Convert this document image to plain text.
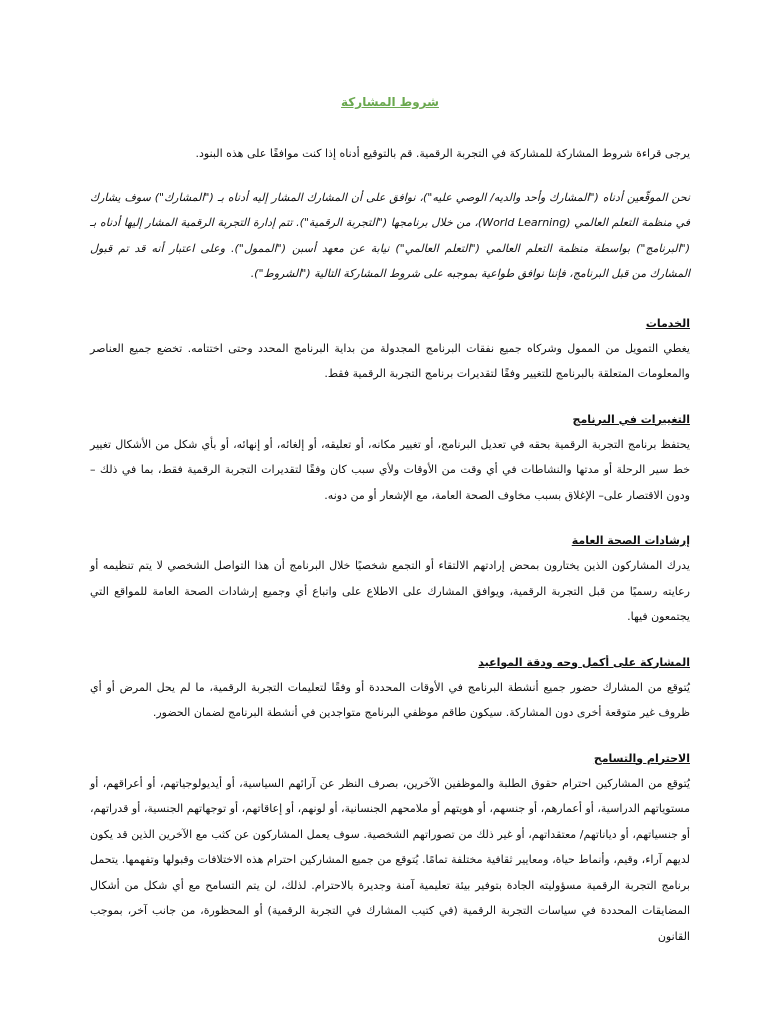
شروط المشاركة

يرجى قراءة شروط المشاركة للمشاركة في التجربة الرقمية. قم بالتوقيع أدناه إذا كنت موافقًا على هذه البنود.

نحن الموقّعين أدناه ("المشارك وأحد والديه/ الوصي عليه")، نوافق على أن المشارك المشار إليه أدناه بـ ("المشارك") سوف يشارك في منظمة التعلم العالمي (World Learning)، من خلال برنامجها ("التجربة الرقمية"). تتم إدارة التجربة الرقمية المشار إليها أدناه بـ ("البرنامج") بواسطة منظمة التعلم العالمي ("التعلم العالمي") نيابة عن معهد أسبن ("الممول"). وعلى اعتبار أنه قد تم قبول المشارك من قبل البرنامج، فإننا نوافق طواعية بموجبه على شروط المشاركة التالية ("الشروط").

الخدمات

يغطي التمويل من الممول وشركاه جميع نفقات البرنامج المجدولة من بداية البرنامج المحدد وحتى اختتامه. تخضع جميع العناصر والمعلومات المتعلقة بالبرنامج للتغيير وفقًا لتقديرات برنامج التجربة الرقمية فقط.

التغييرات في البرنامج

يحتفظ برنامج التجربة الرقمية بحقه في تعديل البرنامج، أو تغيير مكانه، أو تعليقه، أو إلغائه، أو إنهائه، أو بأي شكل من الأشكال تغيير خط سير الرحلة أو مدتها والنشاطات في أي وقت من الأوقات ولأي سبب كان وفقًا لتقديرات التجربة الرقمية فقط، بما في ذلك –ودون الاقتصار على– الإغلاق بسبب مخاوف الصحة العامة، مع الإشعار أو من دونه.

إرشادات الصحة العامة

يدرك المشاركون الذين يختارون بمحض إرادتهم الالتقاء أو التجمع شخصيًا خلال البرنامج أن هذا التواصل الشخصي لا يتم تنظيمه أو رعايته رسميًا من قبل التجربة الرقمية، ويوافق المشارك على الاطلاع على واتباع أي وجميع إرشادات الصحة العامة للمواقع التي يجتمعون فيها.

المشاركة على أكمل وجه ودقة المواعيد

يُتوقع من المشارك حضور جميع أنشطة البرنامج في الأوقات المحددة أو وفقًا لتعليمات التجربة الرقمية، ما لم يحل المرض أو أي ظروف غير متوقعة أخرى دون المشاركة. سيكون طاقم موظفي البرنامج متواجدين في أنشطة البرنامج لضمان الحضور.

الاحترام والتسامح

يُتوقع من المشاركين احترام حقوق الطلبة والموظفين الآخرين، بصرف النظر عن آرائهم السياسية، أو أيديولوجياتهم، أو أعراقهم، أو مستوياتهم الدراسية، أو أعمارهم، أو جنسهم، أو هويتهم أو ملامحهم الجنسانية، أو لونهم، أو إعاقاتهم، أو توجهاتهم الجنسية، أو قدراتهم، أو جنسياتهم، أو دياناتهم/ معتقداتهم، أو غير ذلك من تصوراتهم الشخصية. سوف يعمل المشاركون عن كثب مع الآخرين الذين قد يكون لديهم آراء، وقيم، وأنماط حياة، ومعايير ثقافية مختلفة تمامًا. يُتوقع من جميع المشاركين احترام هذه الاختلافات وقبولها وتفهمها. يتحمل برنامج التجربة الرقمية مسؤوليته الجادة بتوفير بيئة تعليمية آمنة وجديرة بالاحترام. لذلك، لن يتم التسامح مع أي شكل من أشكال المضايقات المحددة في سياسات التجربة الرقمية (في كتيب المشارك في التجربة الرقمية) أو المحظورة، من جانب آخر، بموجب القانون
